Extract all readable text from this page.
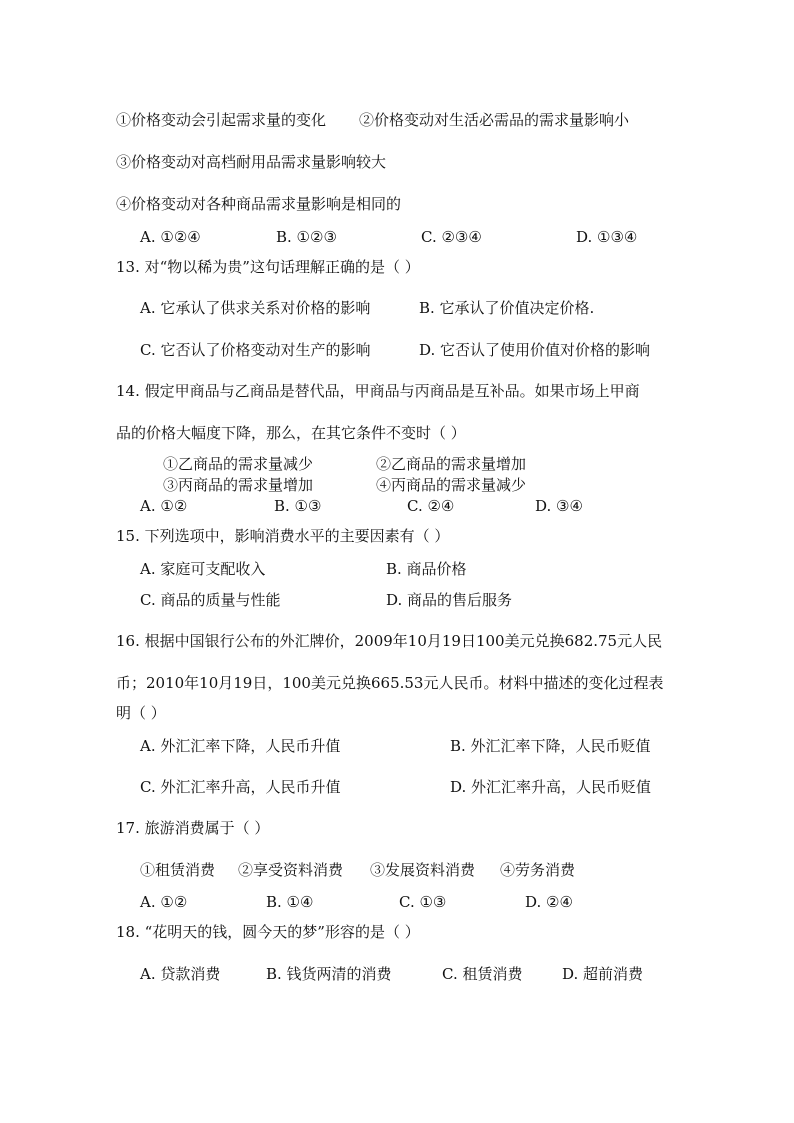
①价格变动会引起需求量的变化 ②价格变动对生活必需品的需求量影响小
③价格变动对高档耐用品需求量影响较大
④价格变动对各种商品需求量影响是相同的
A. ①②④	B. ①②③	C. ②③④	D. ①③④
13. 对“物以稀为贵”这句话理解正确的是（ ）
A. 它承认了供求关系对价格的影响	B. 它承认了价值决定价格.
C. 它否认了价格变动对生产的影响	D. 它否认了使用价值对价格的影响
14. 假定甲商品与乙商品是替代品，甲商品与丙商品是互补品。如果市场上甲商
品的价格大幅度下降，那么，在其它条件不变时（ ）
①乙商品的需求量减少	②乙商品的需求量增加
③丙商品的需求量增加	④丙商品的需求量减少
A. ①②	B. ①③	C. ②④	D. ③④
15. 下列选项中，影响消费水平的主要因素有（ ）
A. 家庭可支配收入	B. 商品价格
C. 商品的质量与性能	D. 商品的售后服务
16. 根据中国银行公布的外汇牌价，2009年10月19日100美元兑换682.75元人民
币；2010年10月19日，100美元兑换665.53元人民币。材料中描述的变化过程表
明（ ）
A. 外汇汇率下降，人民币升值	B. 外汇汇率下降，人民币贬值
C. 外汇汇率升高，人民币升值	D. 外汇汇率升高，人民币贬值
17. 旅游消费属于（ ）
①租赁消费 ②享受资料消费 ③发展资料消费 ④劳务消费
A. ①②	B. ①④	C. ①③	D. ②④
18. “花明天的钱，圆今天的梦”形容的是（ ）
A. 贷款消费	B. 钱货两清的消费	C. 租赁消费	D. 超前消费
